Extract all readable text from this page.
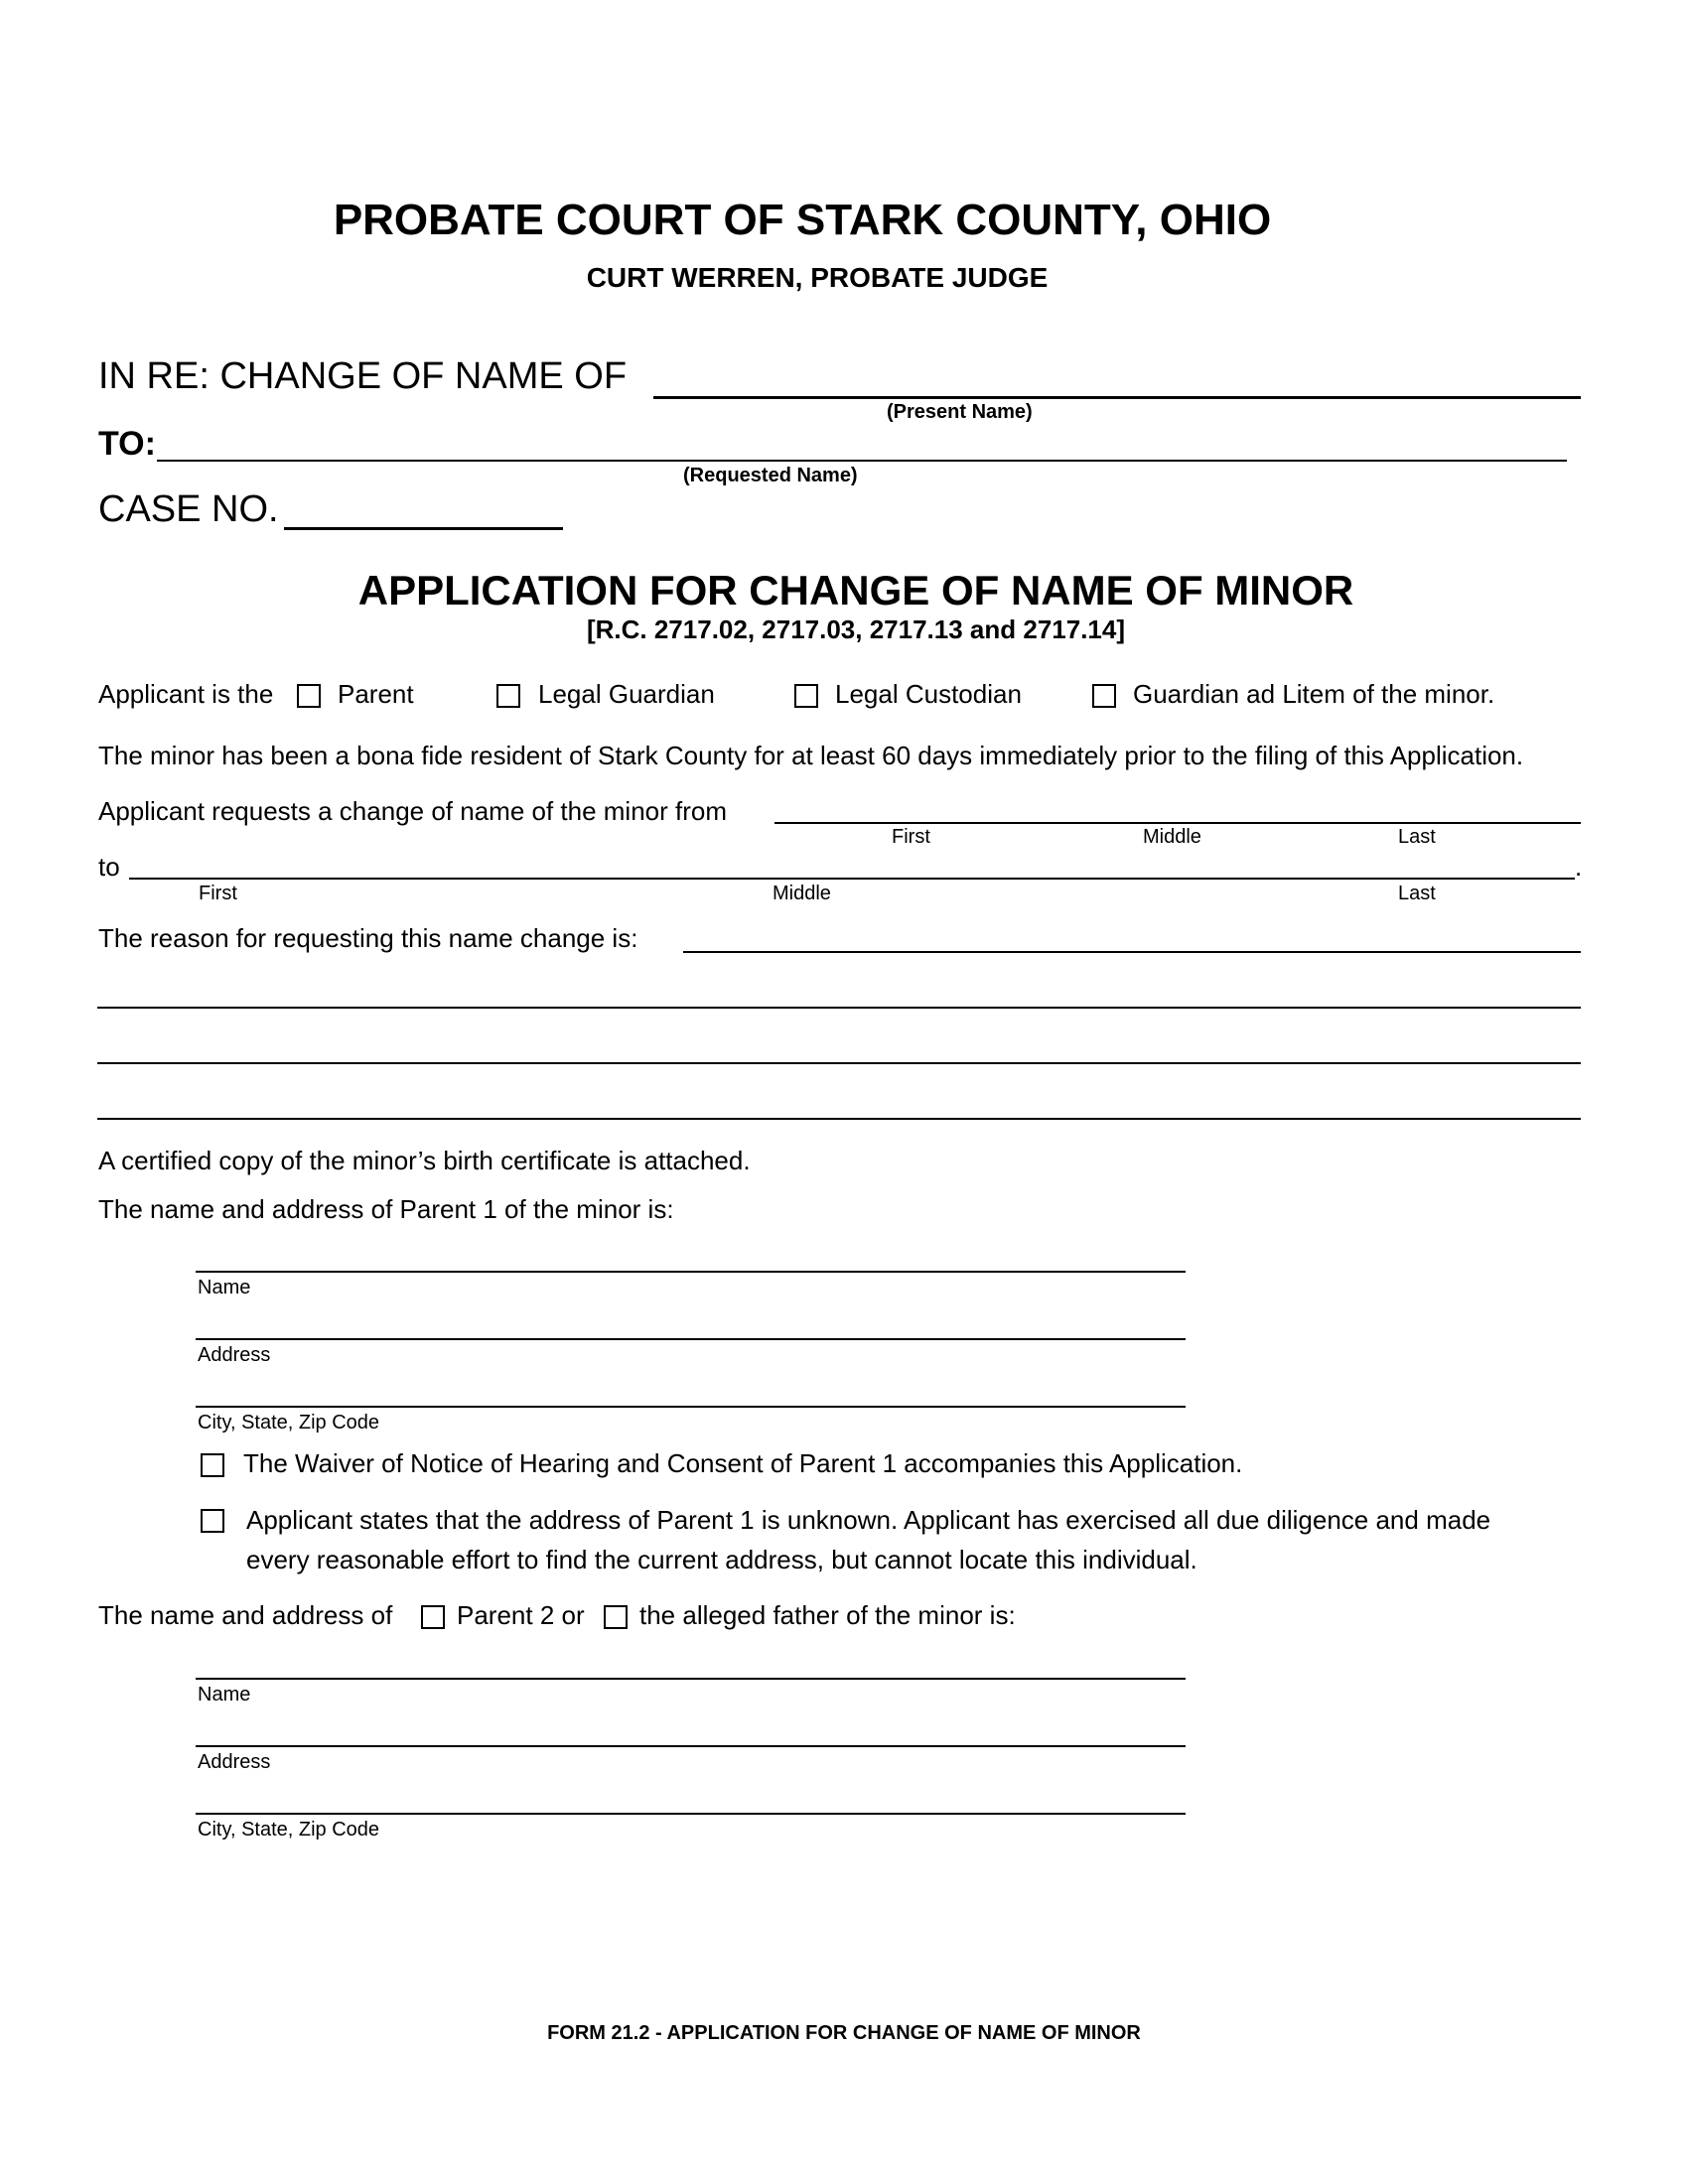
PROBATE COURT OF STARK COUNTY, OHIO
CURT WERREN, PROBATE JUDGE
IN RE: CHANGE OF NAME OF
(Present Name)
TO:
(Requested Name)
CASE NO.
APPLICATION FOR CHANGE OF NAME OF MINOR
[R.C. 2717.02, 2717.03, 2717.13 and 2717.14]
Applicant is the Parent	Legal Guardian	Legal Custodian	Guardian ad Litem of the minor.
The minor has been a bona fide resident of Stark County for at least 60 days immediately prior to the filing of this Application.
Applicant requests a change of name of the minor from
First	Middle	Last
to	.
First	Middle	Last
The reason for requesting this name change is:
A certified copy of the minor’s birth certificate is attached.
The name and address of Parent 1 of the minor is:
Name
Address
City, State, Zip Code
The Waiver of Notice of Hearing and Consent of Parent 1 accompanies this Application.
Applicant states that the address of Parent 1 is unknown. Applicant has exercised all due diligence and made
every reasonable effort to find the current address, but cannot locate this individual.
The name and address of Parent 2 or the alleged father of the minor is:
Name
Address
City, State, Zip Code
FORM 21.2 - APPLICATION FOR CHANGE OF NAME OF MINOR
